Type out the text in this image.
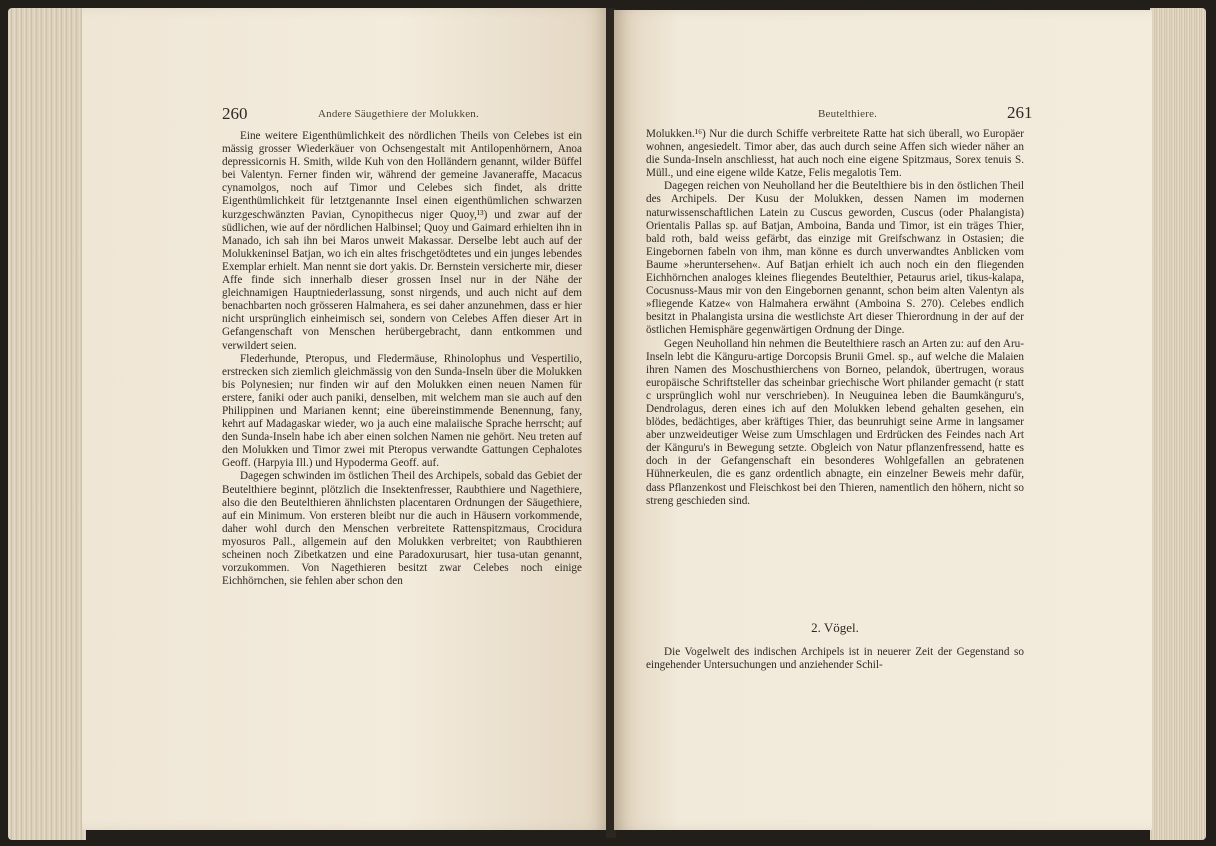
260	Andere Säugethiere der Molukken.

Eine weitere Eigenthümlichkeit des nördlichen Theils von Celebes ist ein mässig grosser Wiederkäuer von Ochsengestalt mit Antilopenhörnern, Anoa depressicornis H. Smith, wilde Kuh von den Holländern genannt, wilder Büffel bei Valentyn. Ferner finden wir, während der gemeine Javaneraffe, Macacus cynamolgos, noch auf Timor und Celebes sich findet, als dritte Eigenthümlichkeit für letztgenannte Insel einen eigenthümlichen schwarzen kurzgeschwänzten Pavian, Cynopithecus niger Quoy,¹³) und zwar auf der südlichen, wie auf der nördlichen Halbinsel; Quoy und Gaimard erhielten ihn in Manado, ich sah ihn bei Maros unweit Makassar. Derselbe lebt auch auf der Molukkeninsel Batjan, wo ich ein altes frischgetödtetes und ein junges lebendes Exemplar erhielt. Man nennt sie dort yakis. Dr. Bernstein versicherte mir, dieser Affe finde sich innerhalb dieser grossen Insel nur in der Nähe der gleichnamigen Hauptniederlassung, sonst nirgends, und auch nicht auf dem benachbarten noch grösseren Halmahera, es sei daher anzunehmen, dass er hier nicht ursprünglich einheimisch sei, sondern von Celebes Affen dieser Art in Gefangenschaft von Menschen herübergebracht, dann entkommen und verwildert seien.

Flederhunde, Pteropus, und Fledermäuse, Rhinolophus und Vespertilio, erstrecken sich ziemlich gleichmässig von den Sunda-Inseln über die Molukken bis Polynesien; nur finden wir auf den Molukken einen neuen Namen für erstere, faniki oder auch paniki, denselben, mit welchem man sie auch auf den Philippinen und Marianen kennt; eine übereinstimmende Benennung, fany, kehrt auf Madagaskar wieder, wo ja auch eine malaiische Sprache herrscht; auf den Sunda-Inseln habe ich aber einen solchen Namen nie gehört. Neu treten auf den Molukken und Timor zwei mit Pteropus verwandte Gattungen Cephalotes Geoff. (Harpyia Ill.) und Hypoderma Geoff. auf.

Dagegen schwinden im östlichen Theil des Archipels, sobald das Gebiet der Beutelthiere beginnt, plötzlich die Insektenfresser, Raubthiere und Nagethiere, also die den Beutelthieren ähnlichsten placentaren Ordnungen der Säugethiere, auf ein Minimum. Von ersteren bleibt nur die auch in Häusern vorkommende, daher wohl durch den Menschen verbreitete Rattenspitzmaus, Crocidura myosuros Pall., allgemein auf den Molukken verbreitet; von Raubthieren scheinen noch Zibetkatzen und eine Paradoxurusart, hier tusa-utan genannt, vorzukommen. Von Nagethieren besitzt zwar Celebes noch einige Eichhörnchen, sie fehlen aber schon den

Beutelthiere.	261

Molukken.¹⁶) Nur die durch Schiffe verbreitete Ratte hat sich überall, wo Europäer wohnen, angesiedelt. Timor aber, das auch durch seine Affen sich wieder näher an die Sunda-Inseln anschliesst, hat auch noch eine eigene Spitzmaus, Sorex tenuis S. Müll., und eine eigene wilde Katze, Felis megalotis Tem.

Dagegen reichen von Neuholland her die Beutelthiere bis in den östlichen Theil des Archipels. Der Kusu der Molukken, dessen Namen im modernen naturwissenschaftlichen Latein zu Cuscus geworden, Cuscus (oder Phalangista) Orientalis Pallas sp. auf Batjan, Amboina, Banda und Timor, ist ein träges Thier, bald roth, bald weiss gefärbt, das einzige mit Greifschwanz in Ostasien; die Eingebornen fabeln von ihm, man könne es durch unverwandtes Anblicken vom Baume »heruntersehen«. Auf Batjan erhielt ich auch noch ein den fliegenden Eichhörnchen analoges kleines fliegendes Beutelthier, Petaurus ariel, tikus-kalapa, Cocusnuss-Maus mir von den Eingebornen genannt, schon beim alten Valentyn als »fliegende Katze« von Halmahera erwähnt (Amboina S. 270). Celebes endlich besitzt in Phalangista ursina die westlichste Art dieser Thierordnung in der auf der östlichen Hemisphäre gegenwärtigen Ordnung der Dinge.

Gegen Neuholland hin nehmen die Beutelthiere rasch an Arten zu: auf den Aru-Inseln lebt die Känguru-artige Dorcopsis Brunii Gmel. sp., auf welche die Malaien ihren Namen des Moschusthierchens von Borneo, pelandok, übertrugen, woraus europäische Schriftsteller das scheinbar griechische Wort philander gemacht (r statt c ursprünglich wohl nur verschrieben). In Neuguinea leben die Baumkänguru's, Dendrolagus, deren eines ich auf den Molukken lebend gehalten gesehen, ein blödes, bedächtiges, aber kräftiges Thier, das beunruhigt seine Arme in langsamer aber unzweideutiger Weise zum Umschlagen und Erdrücken des Feindes nach Art der Känguru's in Bewegung setzte. Obgleich von Natur pflanzenfressend, hatte es doch in der Gefangenschaft ein besonderes Wohlgefallen an gebratenen Hühnerkeulen, die es ganz ordentlich abnagte, ein einzelner Beweis mehr dafür, dass Pflanzenkost und Fleischkost bei den Thieren, namentlich den höhern, nicht so streng geschieden sind.

2. Vögel.

Die Vogelwelt des indischen Archipels ist in neuerer Zeit der Gegenstand so eingehender Untersuchungen und anziehender Schil-
